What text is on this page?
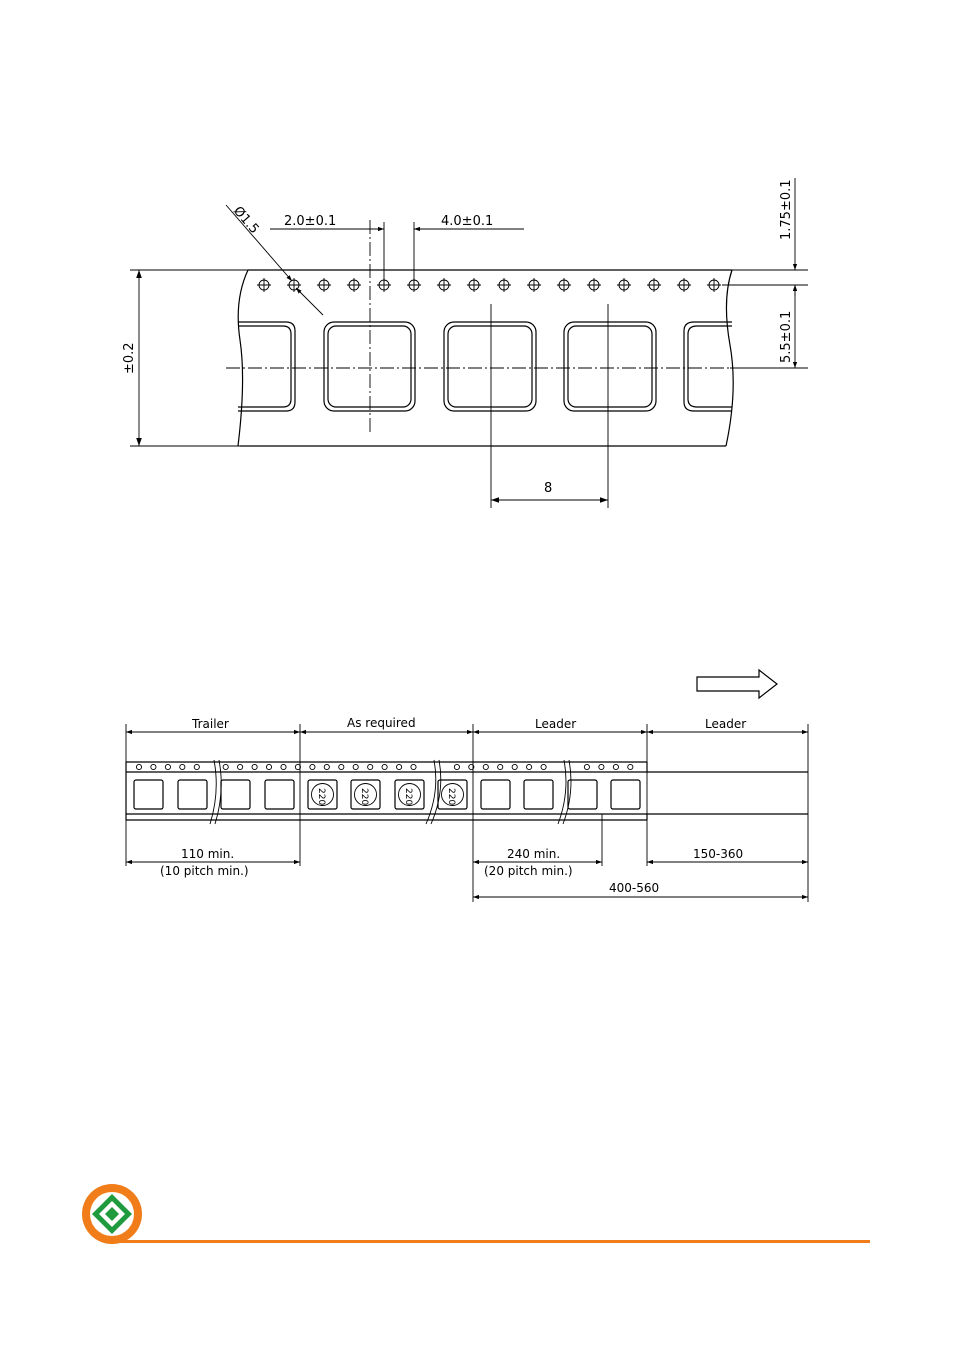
2.0±0.1	4.0±0.1
Ø1.5
±0.2
1.75±0.1
5.5±0.1
8
Trailer	As required	Leader	Leader
220	220	220	220
110 min.
(10 pitch min.)
240 min.
(20 pitch min.)
150-360
400-560
